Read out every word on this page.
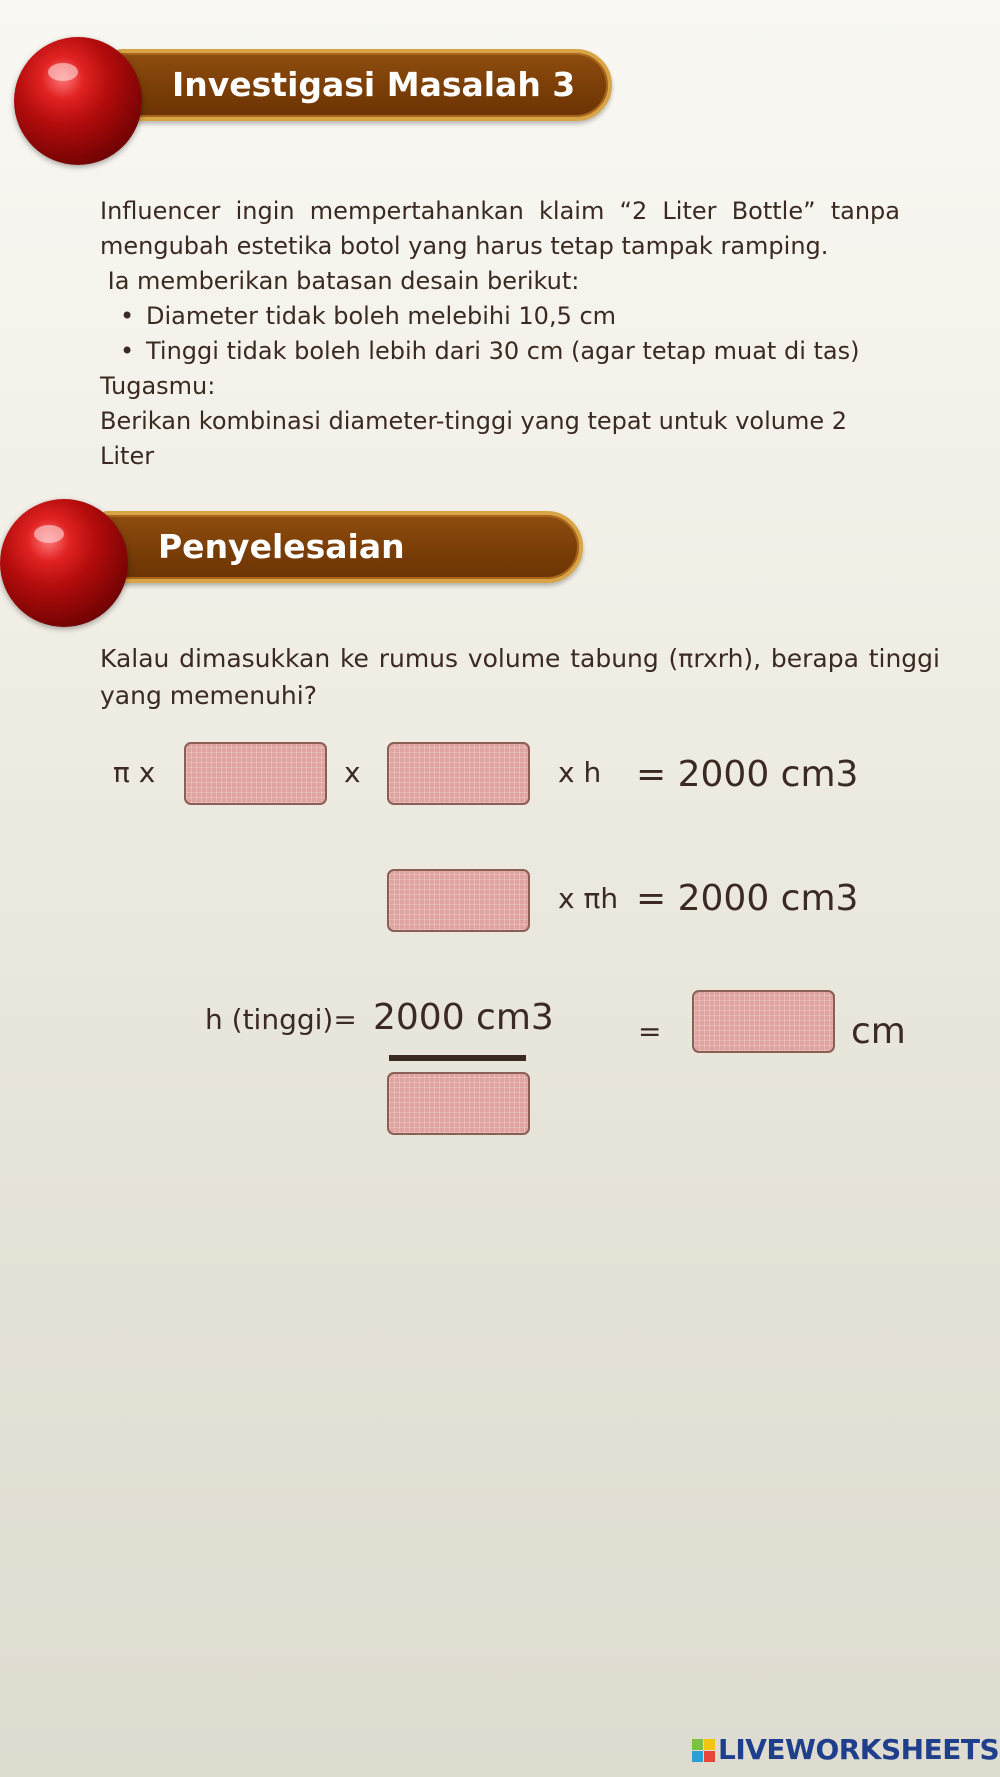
Investigasi Masalah 3
Influencer ingin mempertahankan klaim “2 Liter Bottle” tanpa mengubah estetika botol yang harus tetap tampak ramping.
Ia memberikan batasan desain berikut:
• Diameter tidak boleh melebihi 10,5 cm
• Tinggi tidak boleh lebih dari 30 cm (agar tetap muat di tas)
Tugasmu:
Berikan kombinasi diameter-tinggi yang tepat untuk volume 2 Liter
Penyelesaian
Kalau dimasukkan ke rumus volume tabung (πrxrh), berapa tinggi yang memenuhi?
π x	x	x h = 2000 cm3
x πh = 2000 cm3
h (tinggi)= 2000 cm3	=	cm
LIVEWORKSHEETS
